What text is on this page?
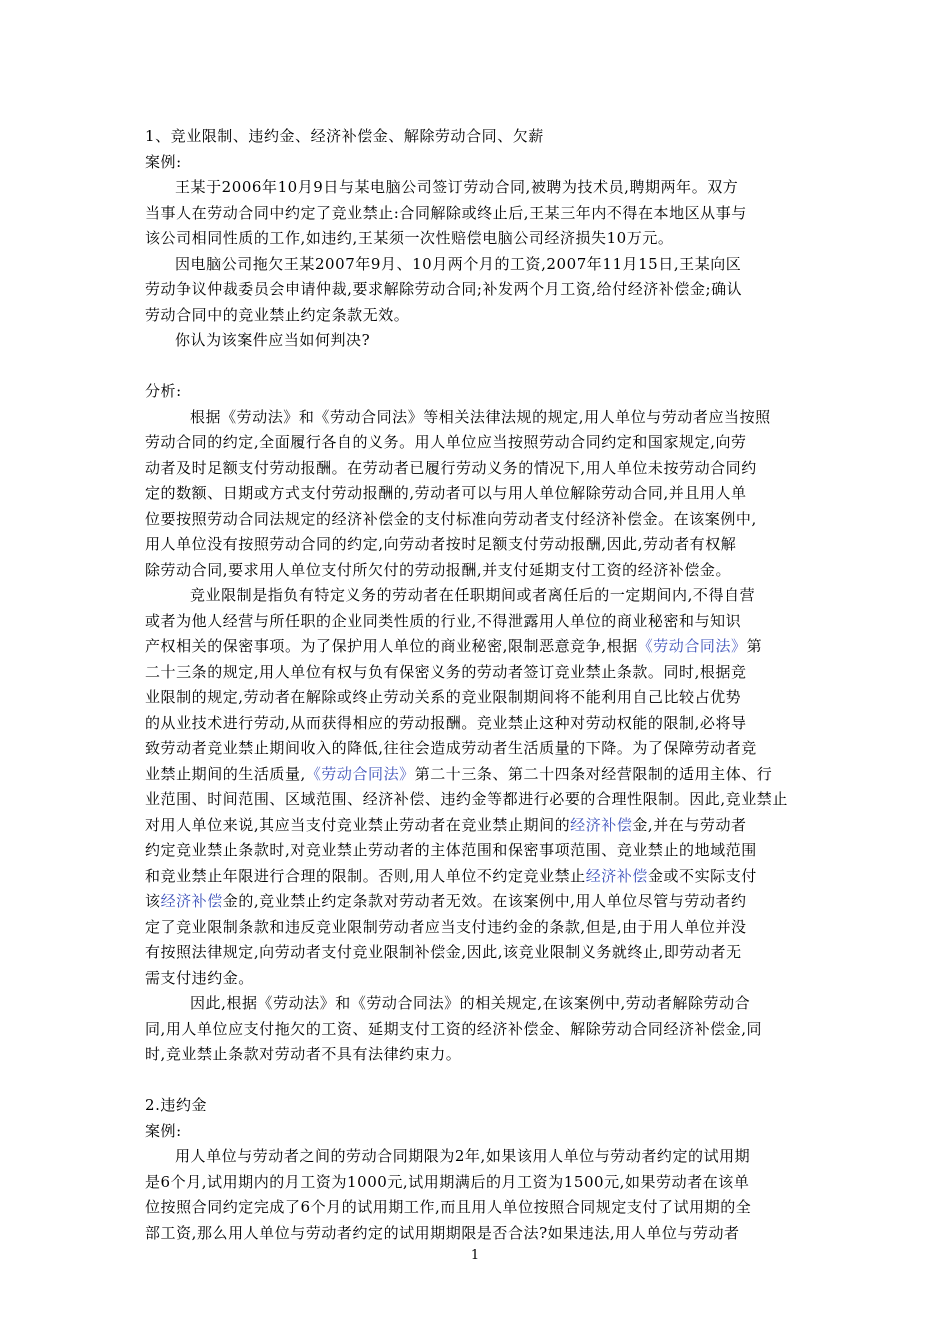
1、竞业限制、违约金、经济补偿金、解除劳动合同、欠薪
案例:
王某于2006年10月9日与某电脑公司签订劳动合同,被聘为技术员,聘期两年。双方
当事人在劳动合同中约定了竞业禁止:合同解除或终止后,王某三年内不得在本地区从事与
该公司相同性质的工作,如违约,王某须一次性赔偿电脑公司经济损失10万元。
因电脑公司拖欠王某2007年9月、10月两个月的工资,2007年11月15日,王某向区
劳动争议仲裁委员会申请仲裁,要求解除劳动合同;补发两个月工资,给付经济补偿金;确认
劳动合同中的竞业禁止约定条款无效。
你认为该案件应当如何判决?
分析:
根据《劳动法》和《劳动合同法》等相关法律法规的规定,用人单位与劳动者应当按照
劳动合同的约定,全面履行各自的义务。用人单位应当按照劳动合同约定和国家规定,向劳
动者及时足额支付劳动报酬。在劳动者已履行劳动义务的情况下,用人单位未按劳动合同约
定的数额、日期或方式支付劳动报酬的,劳动者可以与用人单位解除劳动合同,并且用人单
位要按照劳动合同法规定的经济补偿金的支付标准向劳动者支付经济补偿金。在该案例中,
用人单位没有按照劳动合同的约定,向劳动者按时足额支付劳动报酬,因此,劳动者有权解
除劳动合同,要求用人单位支付所欠付的劳动报酬,并支付延期支付工资的经济补偿金。
竞业限制是指负有特定义务的劳动者在任职期间或者离任后的一定期间内,不得自营
或者为他人经营与所任职的企业同类性质的行业,不得泄露用人单位的商业秘密和与知识
产权相关的保密事项。为了保护用人单位的商业秘密,限制恶意竞争,根据《劳动合同法》第
二十三条的规定,用人单位有权与负有保密义务的劳动者签订竞业禁止条款。同时,根据竞
业限制的规定,劳动者在解除或终止劳动关系的竞业限制期间将不能利用自己比较占优势
的从业技术进行劳动,从而获得相应的劳动报酬。竞业禁止这种对劳动权能的限制,必将导
致劳动者竞业禁止期间收入的降低,往往会造成劳动者生活质量的下降。为了保障劳动者竞
业禁止期间的生活质量,《劳动合同法》第二十三条、第二十四条对经营限制的适用主体、行
业范围、时间范围、区域范围、经济补偿、违约金等都进行必要的合理性限制。因此,竞业禁止
对用人单位来说,其应当支付竞业禁止劳动者在竞业禁止期间的经济补偿金,并在与劳动者
约定竞业禁止条款时,对竞业禁止劳动者的主体范围和保密事项范围、竞业禁止的地域范围
和竞业禁止年限进行合理的限制。否则,用人单位不约定竞业禁止经济补偿金或不实际支付
该经济补偿金的,竞业禁止约定条款对劳动者无效。在该案例中,用人单位尽管与劳动者约
定了竞业限制条款和违反竞业限制劳动者应当支付违约金的条款,但是,由于用人单位并没
有按照法律规定,向劳动者支付竞业限制补偿金,因此,该竞业限制义务就终止,即劳动者无
需支付违约金。
因此,根据《劳动法》和《劳动合同法》的相关规定,在该案例中,劳动者解除劳动合
同,用人单位应支付拖欠的工资、延期支付工资的经济补偿金、解除劳动合同经济补偿金,同
时,竞业禁止条款对劳动者不具有法律约束力。
2.违约金
案例:
用人单位与劳动者之间的劳动合同期限为2年,如果该用人单位与劳动者约定的试用期
是6个月,试用期内的月工资为1000元,试用期满后的月工资为1500元,如果劳动者在该单
位按照合同约定完成了6个月的试用期工作,而且用人单位按照合同规定支付了试用期的全
部工资,那么用人单位与劳动者约定的试用期期限是否合法?如果违法,用人单位与劳动者
1
